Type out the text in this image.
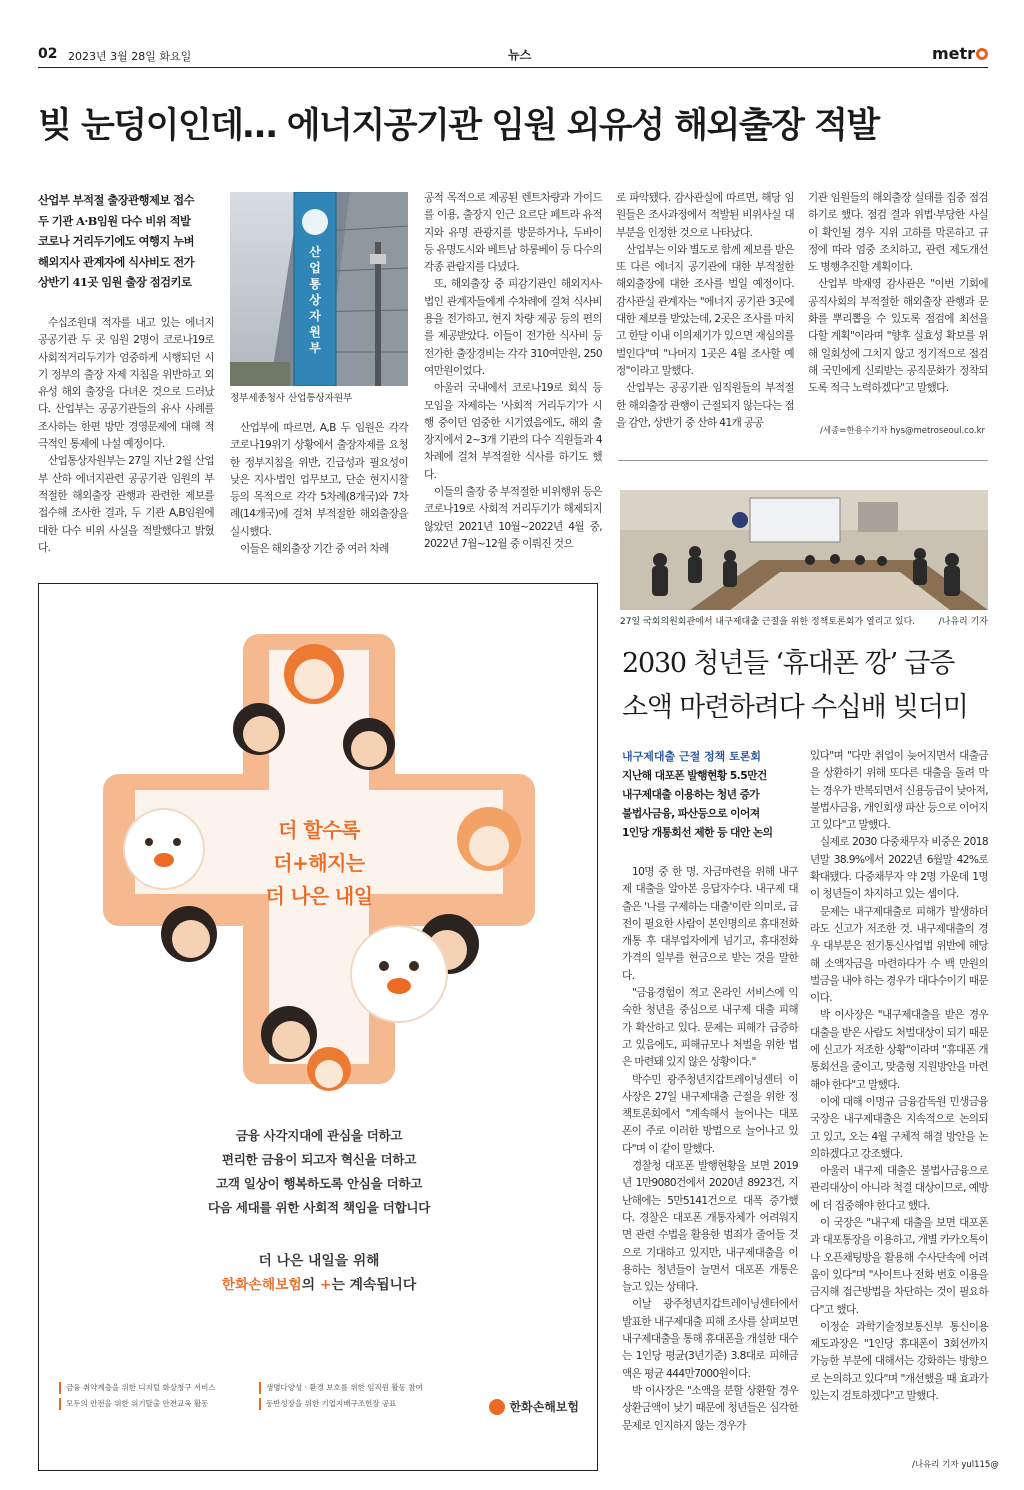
02 2023년 3월 28일 화요일	뉴스	metr
빚 눈덩이인데… 에너지공기관 임원 외유성 해외출장 적발
산업부 부적절 출장관행제보 접수
두 기관 A·B임원 다수 비위 적발
코로나 거리두기에도 여행지 누벼
해외지사 관계자에 식사비도 전가
상반기 41곳 임원 출장 점검키로

수십조원대 적자를 내고 있는 에너지 공공기관 두 곳 임원 2명이 코로나19로 사회적거리두기가 엄중하게 시행되던 시기 정부의 출장 자제 지침을 위반하고 외유성 해외 출장을 다녀온 것으로 드러났다. 산업부는 공공기관들의 유사 사례를 조사하는 한편 방만 경영문제에 대해 적극적인 통제에 나설 예정이다.

산업통상자원부는 27일 지난 2월 산업부 산하 에너지관련 공공기관 임원의 부적절한 해외출장 관행과 관련한 제보를 접수해 조사한 결과, 두 기관 A,B임원에 대한 다수 비위 사실을 적발했다고 밝혔다.

산업통상자원부
정부세종청사 산업통상자원부

산업부에 따르면, A,B 두 임원은 각각 코로나19위기 상황에서 출장자제를 요청한 정부지침을 위반, 긴급성과 필요성이 낮은 지사·법인 업무보고, 단순 현지시찰 등의 목적으로 각각 5차례(8개국)와 7차례(14개국)에 걸쳐 부적절한 해외출장을 실시했다.

이들은 해외출장 기간 중 여러 차례

공적 목적으로 제공된 렌트차량과 가이드를 이용, 출장지 인근 요르단 페트라 유적지와 유명 관광지를 방문하거나, 두바이 등 유명도시와 베트남 하롱베이 등 다수의 각종 관람지를 다녔다.

또, 해외출장 중 피감기관인 해외지사·법인 관계자들에게 수차례에 걸쳐 식사비용을 전가하고, 현지 차량 제공 등의 편의를 제공받았다. 이들이 전가한 식사비 등 전가한 출장경비는 각각 310여만원, 250여만원이었다.

아울러 국내에서 코로나19로 회식 등 모임을 자제하는 '사회적 거리두기'가 시행 중이던 엄중한 시기였음에도, 해외 출장지에서 2~3개 기관의 다수 직원들과 4차례에 걸쳐 부적절한 식사를 하기도 했다.

이들의 출장 중 부적절한 비위행위 등은 코로나19로 사회적 거리두기가 해제되지 않았던 2021년 10월~2022년 4월 중, 2022년 7월~12월 중 이뤄진 것으

로 파악됐다. 감사관실에 따르면, 해당 임원들은 조사과정에서 적발된 비위사실 대부분을 인정한 것으로 나타났다.

산업부는 이와 별도로 함께 제보를 받은 또 다른 에너지 공기관에 대한 부적절한 해외출장에 대한 조사를 벌일 예정이다. 감사관실 관계자는 "에너지 공기관 3곳에 대한 제보를 받았는데, 2곳은 조사를 마치고 한달 이내 이의제기가 있으면 재심의를 벌인다"며 "나머지 1곳은 4월 조사할 예정"이라고 말했다.

산업부는 공공기관 임직원들의 부적절한 해외출장 관행이 근절되지 않는다는 점을 감안, 상반기 중 산하 41개 공공

기관 임원들의 해외출장 실태를 집중 점검하기로 했다. 점검 결과 위법·부당한 사실이 확인될 경우 지위 고하를 막론하고 규정에 따라 엄중 조치하고, 관련 제도개선도 병행추진할 계획이다.

산업부 박재영 감사관은 "이번 기회에 공직사회의 부적절한 해외출장 관행과 문화를 뿌리뽑을 수 있도록 점검에 최선을 다할 계획"이라며 "향후 실효성 확보를 위해 일회성에 그치지 않고 정기적으로 점검해 국민에게 신뢰받는 공직문화가 정착되도록 적극 노력하겠다"고 말했다.

/세종=한용수기자 hys@metroseoul.co.kr
27일 국회의원회관에서 내구제대출 근절을 위한 정책토론회가 열리고 있다.	/나유리 기자
2030 청년들 ‘휴대폰 깡’ 급증
소액 마련하려다 수십배 빚더미
내구제대출 근절 정책 토론회
지난해 대포폰 발행현황 5.5만건
내구제대출 이용하는 청년 증가
불법사금융, 파산등으로 이어져
1인당 개통회선 제한 등 대안 논의

10명 중 한 명. 자금마련을 위해 내구제 대출을 알아본 응답자수다. 내구제 대출은 '나를 구제하는 대출'이란 의미로, 급전이 필요한 사람이 본인명의로 휴대전화 개통 후 대부업자에게 넘기고, 휴대전화 가격의 일부를 현금으로 받는 것을 말한다.

"금융경험이 적고 온라인 서비스에 익숙한 청년을 중심으로 내구제 대출 피해가 확산하고 있다. 문제는 피해가 급증하고 있음에도, 피해규모나 처벌을 위한 법은 마련돼 있지 않은 상황이다."

박수민 광주청년지갑트레이닝센터 이사장은 27일 내구제대출 근절을 위한 정책토론회에서 "계속해서 늘어나는 대포 폰이 주로 이러한 방법으로 늘어나고 있다"며 이 같이 말했다.

경찰청 대포폰 발행현황을 보면 2019년 1만9080건에서 2020년 8923건, 지난해에는 5만5141건으로 대폭 증가했다. 경찰은 대포폰 개통자체가 어려워지면 관련 수법을 활용한 범죄가 줄어들 것으로 기대하고 있지만, 내구제대출을 이용하는 청년들이 늘면서 대포폰 개통은 늘고 있는 상태다.

이날 광주청년지갑트레이닝센터에서 발표한 내구제대출 피해 조사를 살펴보면 내구제대출을 통해 휴대폰을 개설한 대수는 1인당 평균(3년기준) 3.8대로 피해금액은 평균 444만7000원이다.

박 이사장은 "소액을 분할 상환할 경우 상환금액이 낮기 때문에 청년들은 심각한 문제로 인지하지 않는 경우가

있다"며 "다만 취업이 늦어지면서 대출금을 상환하기 위해 또다른 대출을 돌려 막는 경우가 반복되면서 신용등급이 낮아져, 불법사금융, 개인회생 파산 등으로 이어지고 있다"고 말했다.

실제로 2030 다중채무자 비중은 2018년말 38.9%에서 2022년 6월말 42%로 확대됐다. 다중채무자 약 2명 가운데 1명이 청년들이 차지하고 있는 셈이다.

문제는 내구제대출로 피해가 발생하더라도 신고가 저조한 것. 내구제대출의 경우 대부분은 전기통신사업법 위반에 해당해 소액자금을 마련하다가 수 백 만원의 벌금을 내야 하는 경우가 대다수이기 때문이다.

박 이사장은 "내구제대출을 받은 경우 대출을 받은 사람도 처벌대상이 되기 때문에 신고가 저조한 상황"이라며 "휴대폰 개통회선을 줄이고, 맞춤형 지원방안을 마련해야 한다"고 말했다.

이에 대해 이명규 금융감독원 민생금융국장은 내구제대출은 지속적으로 논의되고 있고, 오는 4월 구체적 해결 방안을 논의하겠다고 강조했다.

아울러 내구제 대출은 불법사금융으로 관리대상이 아니라 척결 대상이므로, 예방에 더 집중해야 한다고 했다.

이 국장은 "내구제 대출을 보면 대포폰과 대포통장을 이용하고, 개별 카카오톡이나 오픈채팅방을 활용해 수사단속에 어려움이 있다"며 "사이트나 전화 번호 이용을 금지해 접근방법을 차단하는 것이 필요하다"고 했다.

이정순 과학기술정보통신부 통신이용제도과장은 "1인당 휴대폰이 3회선까지 가능한 부분에 대해서는 강화하는 방향으로 논의하고 있다"며 "개선했을 때 효과가 있는지 검토하겠다"고 말했다.

/나유리 기자 yul115@
더 할수록
더+해지는
더 나은 내일
금융 사각지대에 관심을 더하고
편리한 금융이 되고자 혁신을 더하고
고객 일상이 행복하도록 안심을 더하고
다음 세대를 위한 사회적 책임을 더합니다
더 나은 내일을 위해
한화손해보험의 +는 계속됩니다
금융 취약계층을 위한 디지털 화상청구 서비스	생명다양성 · 환경 보호를 위한 임직원 활동 참여
모두의 안전을 위한 위기탈출 안전교육 활동	동반성장을 위한 기업지배구조헌장 공표	한화손해보험
